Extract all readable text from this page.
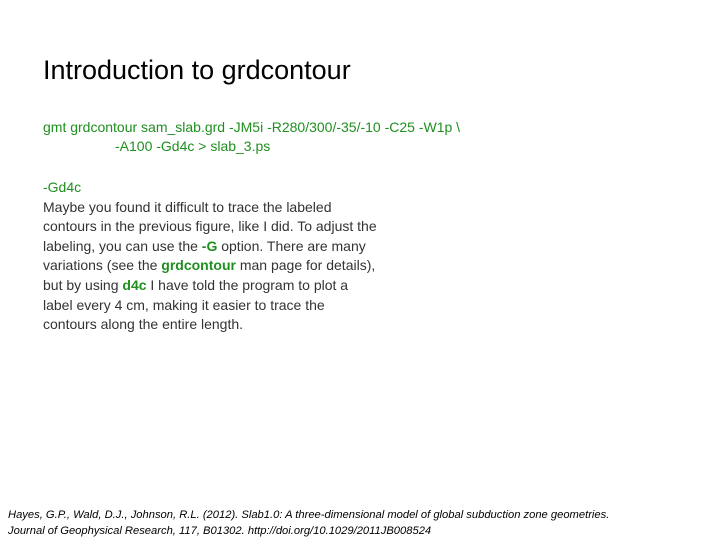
Introduction to grdcontour
gmt grdcontour sam_slab.grd -JM5i -R280/300/-35/-10 -C25 -W1p \
-A100 -Gd4c > slab_3.ps
-Gd4c
Maybe you found it difficult to trace the labeled contours in the previous figure, like I did. To adjust the labeling, you can use the -G option. There are many variations (see the grdcontour man page for details), but by using d4c I have told the program to plot a label every 4 cm, making it easier to trace the contours along the entire length.
Hayes, G.P., Wald, D.J., Johnson, R.L. (2012). Slab1.0: A three-dimensional model of global subduction zone geometries.
Journal of Geophysical Research, 117, B01302. http://doi.org/10.1029/2011JB008524
